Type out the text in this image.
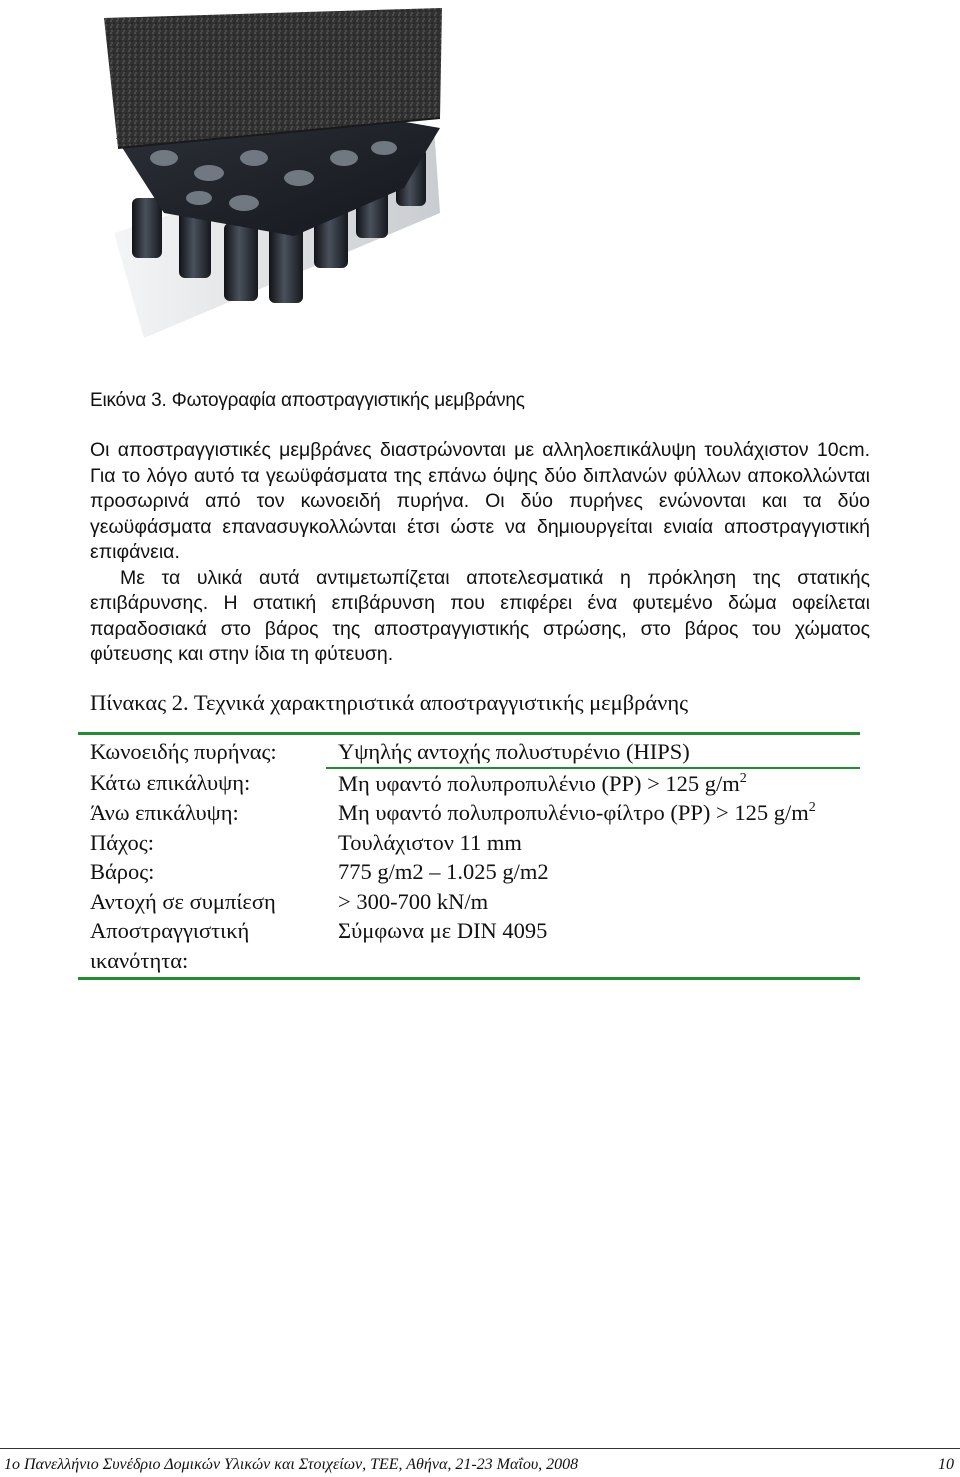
Εικόνα 3. Φωτογραφία αποστραγγιστικής μεμβράνης

Οι αποστραγγιστικές μεμβράνες διαστρώνονται με αλληλοεπικάλυψη τουλάχιστον 10cm. Για το λόγο αυτό τα γεωϋφάσματα της επάνω όψης δύο διπλανών φύλλων αποκολλώνται προσωρινά από τον κωνοειδή πυρήνα. Οι δύο πυρήνες ενώνονται και τα δύο γεωϋφάσματα επανασυγκολλώνται έτσι ώστε να δημιουργείται ενιαία αποστραγγιστική επιφάνεια.

Με τα υλικά αυτά αντιμετωπίζεται αποτελεσματικά η πρόκληση της στατικής επιβάρυνσης. Η στατική επιβάρυνση που επιφέρει ένα φυτεμένο δώμα οφείλεται παραδοσιακά στο βάρος της αποστραγγιστικής στρώσης, στο βάρος του χώματος φύτευσης και στην ίδια τη φύτευση.

Πίνακας 2. Τεχνικά χαρακτηριστικά αποστραγγιστικής μεμβράνης
Κωνοειδής πυρήνας:	Υψηλής αντοχής πολυστυρένιο (HIPS)
Κάτω επικάλυψη:	Μη υφαντό πολυπροπυλένιο (PP) > 125 $g/m^2$
Άνω επικάλυψη:	Μη υφαντό πολυπροπυλένιο-φίλτρο (PP) > 125 $g/m^2$
Πάχος:	Τουλάχιστον 11 mm
Βάρος:	775 g/m2 – 1.025 g/m2
Αντοχή σε συμπίεση	> 300-700 kN/m
Αποστραγγιστική ικανότητα:	Σύμφωνα με DIN 4095
1ο Πανελλήνιο Συνέδριο Δομικών Υλικών και Στοιχείων, ΤΕΕ, Αθήνα, 21-23 Μαΐου, 2008	10
